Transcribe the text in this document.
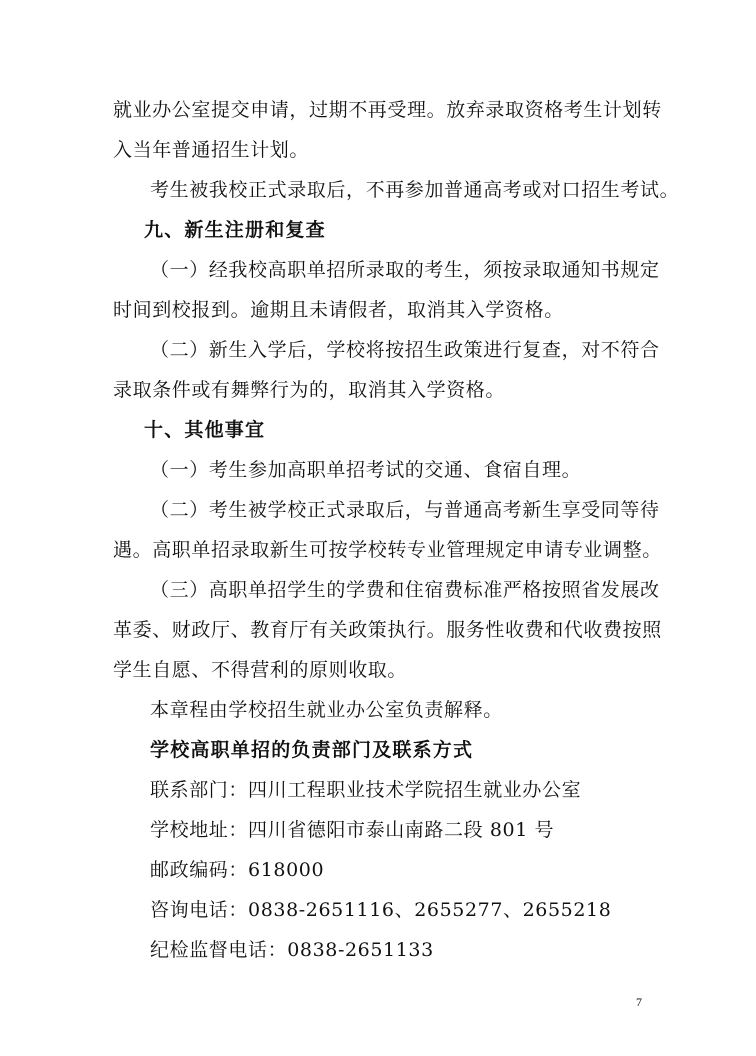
就业办公室提交申请，过期不再受理。放弃录取资格考生计划转
入当年普通招生计划。
考生被我校正式录取后，不再参加普通高考或对口招生考试。
九、新生注册和复查
（一）经我校高职单招所录取的考生，须按录取通知书规定
时间到校报到。逾期且未请假者，取消其入学资格。
（二）新生入学后，学校将按招生政策进行复查，对不符合
录取条件或有舞弊行为的，取消其入学资格。
十、其他事宜
（一）考生参加高职单招考试的交通、食宿自理。
（二）考生被学校正式录取后，与普通高考新生享受同等待
遇。高职单招录取新生可按学校转专业管理规定申请专业调整。
（三）高职单招学生的学费和住宿费标准严格按照省发展改
革委、财政厅、教育厅有关政策执行。服务性收费和代收费按照
学生自愿、不得营利的原则收取。
本章程由学校招生就业办公室负责解释。
学校高职单招的负责部门及联系方式
联系部门：四川工程职业技术学院招生就业办公室
学校地址：四川省德阳市泰山南路二段 801 号
邮政编码：618000
咨询电话：0838-2651116、2655277、2655218
纪检监督电话：0838-2651133
7
